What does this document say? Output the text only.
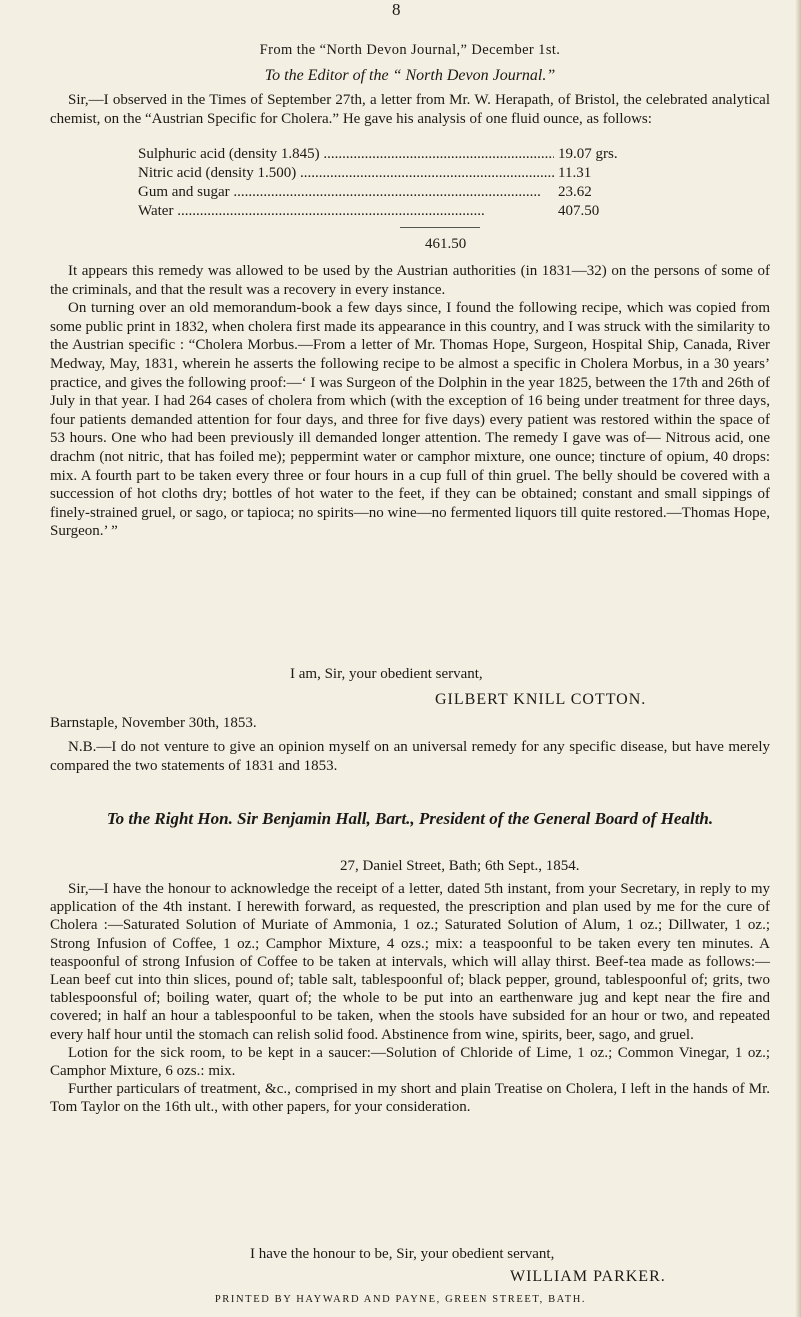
8
From the “North Devon Journal,” December 1st.
To the Editor of the “ North Devon Journal.”

Sir,—I observed in the Times of September 27th, a letter from Mr. W. Herapath, of Bristol, the celebrated analytical chemist, on the “Austrian Specific for Cholera.” He gave his analysis of one fluid ounce, as follows:

Sulphuric acid (density 1.845) .....	19.07 grs.
Nitric acid (density 1.500) .....	11.31
Gum and sugar .....	23.62
Water .....	407.50
461.50

It appears this remedy was allowed to be used by the Austrian authorities (in 1831—32) on the persons of some of the criminals, and that the result was a recovery in every instance.

On turning over an old memorandum-book a few days since, I found the following recipe, which was copied from some public print in 1832, when cholera first made its appearance in this country, and I was struck with the similarity to the Austrian specific : “Cholera Morbus.—From a letter of Mr. Thomas Hope, Surgeon, Hospital Ship, Canada, River Medway, May, 1831, wherein he asserts the following recipe to be almost a specific in Cholera Morbus, in a 30 years’ practice, and gives the following proof:—‘ I was Surgeon of the Dolphin in the year 1825, between the 17th and 26th of July in that year. I had 264 cases of cholera from which (with the exception of 16 being under treatment for three days, four patients demanded attention for four days, and three for five days) every patient was restored within the space of 53 hours. One who had been previously ill demanded longer attention. The remedy I gave was of— Nitrous acid, one drachm (not nitric, that has foiled me); peppermint water or camphor mixture, one ounce; tincture of opium, 40 drops: mix. A fourth part to be taken every three or four hours in a cup full of thin gruel. The belly should be covered with a succession of hot cloths dry; bottles of hot water to the feet, if they can be obtained; constant and small sippings of finely-strained gruel, or sago, or tapioca; no spirits—no wine—no fermented liquors till quite restored.—Thomas Hope, Surgeon.’ ”

I am, Sir, your obedient servant,
GILBERT KNILL COTTON.
Barnstaple, November 30th, 1853.

N.B.—I do not venture to give an opinion myself on an universal remedy for any specific disease, but have merely compared the two statements of 1831 and 1853.

To the Right Hon. Sir Benjamin Hall, Bart., President of the General Board of Health.
27, Daniel Street, Bath; 6th Sept., 1854.

Sir,—I have the honour to acknowledge the receipt of a letter, dated 5th instant, from your Secretary, in reply to my application of the 4th instant. I herewith forward, as requested, the prescription and plan used by me for the cure of Cholera :—Saturated Solution of Muriate of Ammonia, 1 oz.; Saturated Solution of Alum, 1 oz.; Dillwater, 1 oz.; Strong Infusion of Coffee, 1 oz.; Camphor Mixture, 4 ozs.; mix: a teaspoonful to be taken every ten minutes. A teaspoonful of strong Infusion of Coffee to be taken at intervals, which will allay thirst. Beef-tea made as follows:—Lean beef cut into thin slices, pound of; table salt, tablespoonful of; black pepper, ground, tablespoonful of; grits, two tablespoonsful of; boiling water, quart of; the whole to be put into an earthenware jug and kept near the fire and covered; in half an hour a tablespoonful to be taken, when the stools have subsided for an hour or two, and repeated every half hour until the stomach can relish solid food. Abstinence from wine, spirits, beer, sago, and gruel.

Lotion for the sick room, to be kept in a saucer:—Solution of Chloride of Lime, 1 oz.; Common Vinegar, 1 oz.; Camphor Mixture, 6 ozs.: mix.

Further particulars of treatment, &c., comprised in my short and plain Treatise on Cholera, I left in the hands of Mr. Tom Taylor on the 16th ult., with other papers, for your consideration.

I have the honour to be, Sir, your obedient servant,
WILLIAM PARKER.
PRINTED BY HAYWARD AND PAYNE, GREEN STREET, BATH.
